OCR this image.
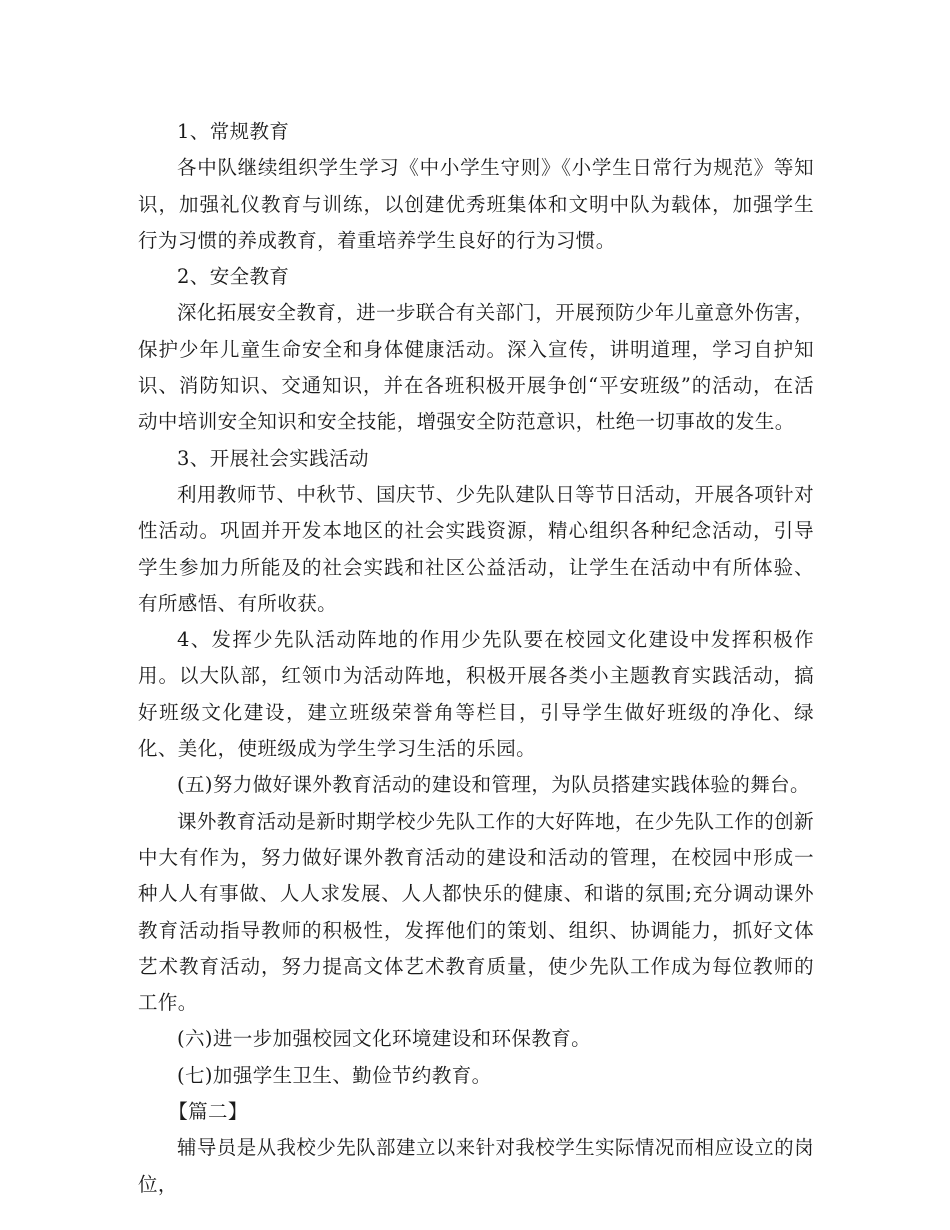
1、常规教育

各中队继续组织学生学习《中小学生守则》《小学生日常行为规范》等知识，加强礼仪教育与训练，以创建优秀班集体和文明中队为载体，加强学生行为习惯的养成教育，着重培养学生良好的行为习惯。

2、安全教育

深化拓展安全教育，进一步联合有关部门，开展预防少年儿童意外伤害，保护少年儿童生命安全和身体健康活动。深入宣传，讲明道理，学习自护知识、消防知识、交通知识，并在各班积极开展争创“平安班级”的活动，在活动中培训安全知识和安全技能，增强安全防范意识，杜绝一切事故的发生。

3、开展社会实践活动

利用教师节、中秋节、国庆节、少先队建队日等节日活动，开展各项针对性活动。巩固并开发本地区的社会实践资源，精心组织各种纪念活动，引导学生参加力所能及的社会实践和社区公益活动，让学生在活动中有所体验、有所感悟、有所收获。

4、发挥少先队活动阵地的作用少先队要在校园文化建设中发挥积极作用。以大队部，红领巾为活动阵地，积极开展各类小主题教育实践活动，搞好班级文化建设，建立班级荣誉角等栏目，引导学生做好班级的净化、绿化、美化，使班级成为学生学习生活的乐园。

(五)努力做好课外教育活动的建设和管理，为队员搭建实践体验的舞台。

课外教育活动是新时期学校少先队工作的大好阵地，在少先队工作的创新中大有作为，努力做好课外教育活动的建设和活动的管理，在校园中形成一种人人有事做、人人求发展、人人都快乐的健康、和谐的氛围;充分调动课外教育活动指导教师的积极性，发挥他们的策划、组织、协调能力，抓好文体艺术教育活动，努力提高文体艺术教育质量，使少先队工作成为每位教师的工作。

(六)进一步加强校园文化环境建设和环保教育。

(七)加强学生卫生、勤俭节约教育。

【篇二】

辅导员是从我校少先队部建立以来针对我校学生实际情况而相应设立的岗位，
